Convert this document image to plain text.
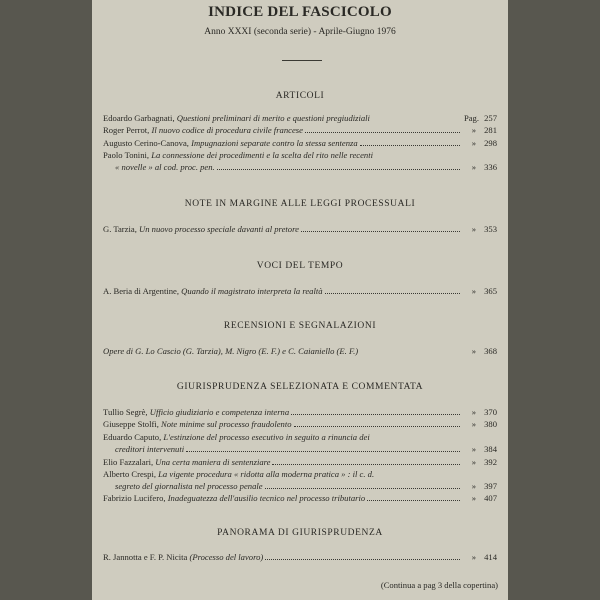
INDICE DEL FASCICOLO
Anno XXXI (seconda serie) - Aprile-Giugno 1976
ARTICOLI
Edoardo Garbagnati,
Questioni preliminari di merito e questioni pregiudiziali	Pag. 257
Roger Perrot,
Il nuovo codice di procedura civile francese	» 281
Augusto Cerino-Canova,
Impugnazioni separate contro la stessa sentenza	» 298
Paolo Tonini,
La connessione dei procedimenti e la scelta del rito nelle recenti
« novelle » al cod. proc. pen.	» 336
NOTE IN MARGINE ALLE LEGGI PROCESSUALI
G. Tarzia,
Un nuovo processo speciale davanti al pretore	» 353
VOCI DEL TEMPO
A. Beria di Argentine,
Quando il magistrato interpreta la realtà	» 365
RECENSIONI E SEGNALAZIONI
Opere di G. Lo Cascio (G. Tarzia), M. Nigro (E. F.) e C. Caianiello (E. F.)	» 368
GIURISPRUDENZA SELEZIONATA E COMMENTATA
Tullio Segrè,
Ufficio giudiziario e competenza interna	» 370
Giuseppe Stolfi,
Note minime sul processo fraudolento	» 380
Eduardo Caputo,
L'estinzione del processo esecutivo in seguito a rinuncia dei
creditori intervenuti	» 384
Elio Fazzalari,
Una certa maniera di sentenziare	» 392
Alberto Crespi,
La vigente procedura « ridotta alla moderna pratica » : il c. d.
segreto del giornalista nel processo penale	» 397
Fabrizio Lucifero,
Inadeguatezza dell'ausilio tecnico nel processo tributario	» 407
PANORAMA DI GIURISPRUDENZA
R. Jannotta e F. P. Nicita
(Processo del lavoro)	» 414
(Continua a pag 3 della copertina)
